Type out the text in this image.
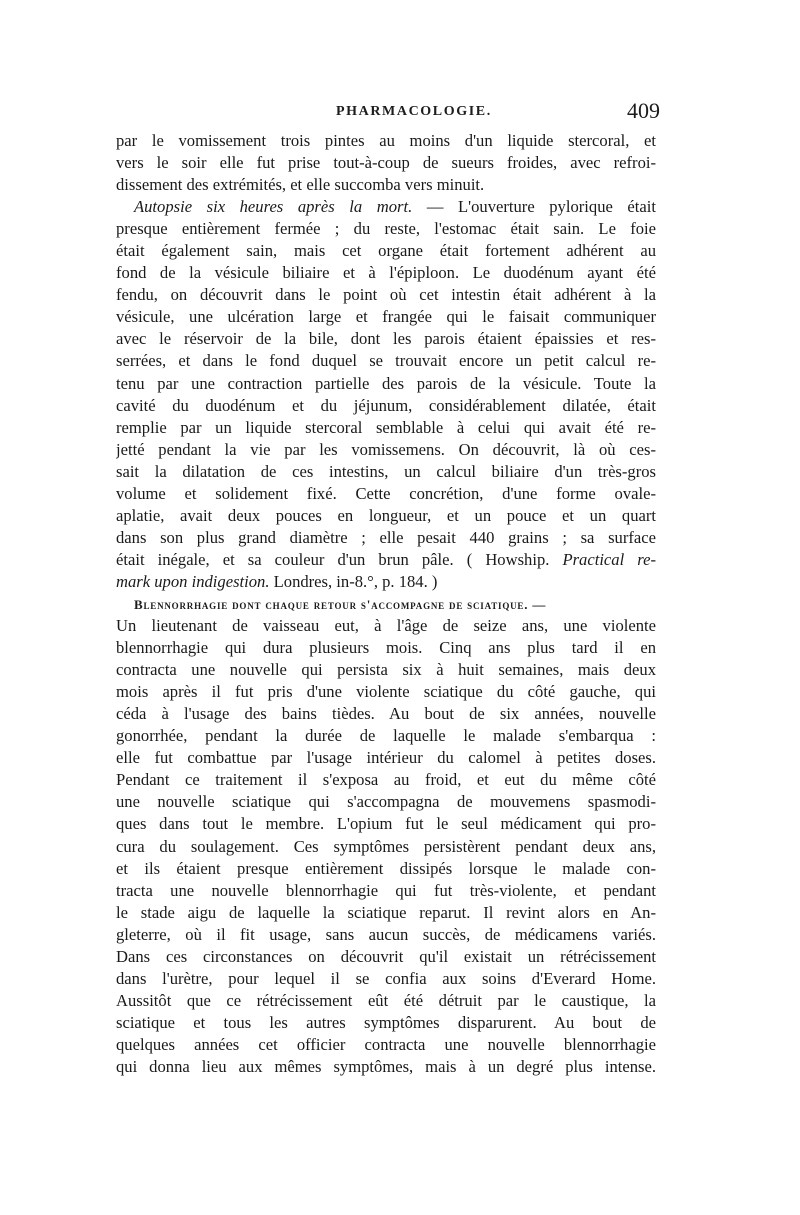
PHARMACOLOGIE.	409
par le vomissement trois pintes au moins d'un liquide stercoral, et
vers le soir elle fut prise tout-à-coup de sueurs froides, avec refroi-
dissement des extrémités, et elle succomba vers minuit.
Autopsie six heures après la mort. — L'ouverture pylorique était
presque entièrement fermée ; du reste, l'estomac était sain. Le foie
était également sain, mais cet organe était fortement adhérent au
fond de la vésicule biliaire et à l'épiploon. Le duodénum ayant été
fendu, on découvrit dans le point où cet intestin était adhérent à la
vésicule, une ulcération large et frangée qui le faisait communiquer
avec le réservoir de la bile, dont les parois étaient épaissies et res-
serrées, et dans le fond duquel se trouvait encore un petit calcul re-
tenu par une contraction partielle des parois de la vésicule. Toute la
cavité du duodénum et du jéjunum, considérablement dilatée, était
remplie par un liquide stercoral semblable à celui qui avait été re-
jetté pendant la vie par les vomissemens. On découvrit, là où ces-
sait la dilatation de ces intestins, un calcul biliaire d'un très-gros
volume et solidement fixé. Cette concrétion, d'une forme ovale-
aplatie, avait deux pouces en longueur, et un pouce et un quart
dans son plus grand diamètre ; elle pesait 440 grains ; sa surface
était inégale, et sa couleur d'un brun pâle. ( Howship. Practical re-
mark upon indigestion. Londres, in-8.°, p. 184. )
Blennorrhagie dont chaque retour s'accompagne de sciatique. —
Un lieutenant de vaisseau eut, à l'âge de seize ans, une violente
blennorrhagie qui dura plusieurs mois. Cinq ans plus tard il en
contracta une nouvelle qui persista six à huit semaines, mais deux
mois après il fut pris d'une violente sciatique du côté gauche, qui
céda à l'usage des bains tièdes. Au bout de six années, nouvelle
gonorrhée, pendant la durée de laquelle le malade s'embarqua :
elle fut combattue par l'usage intérieur du calomel à petites doses.
Pendant ce traitement il s'exposa au froid, et eut du même côté
une nouvelle sciatique qui s'accompagna de mouvemens spasmodi-
ques dans tout le membre. L'opium fut le seul médicament qui pro-
cura du soulagement. Ces symptômes persistèrent pendant deux ans,
et ils étaient presque entièrement dissipés lorsque le malade con-
tracta une nouvelle blennorrhagie qui fut très-violente, et pendant
le stade aigu de laquelle la sciatique reparut. Il revint alors en An-
gleterre, où il fit usage, sans aucun succès, de médicamens variés.
Dans ces circonstances on découvrit qu'il existait un rétrécissement
dans l'urètre, pour lequel il se confia aux soins d'Everard Home.
Aussitôt que ce rétrécissement eût été détruit par le caustique, la
sciatique et tous les autres symptômes disparurent. Au bout de
quelques années cet officier contracta une nouvelle blennorrhagie
qui donna lieu aux mêmes symptômes, mais à un degré plus intense.
